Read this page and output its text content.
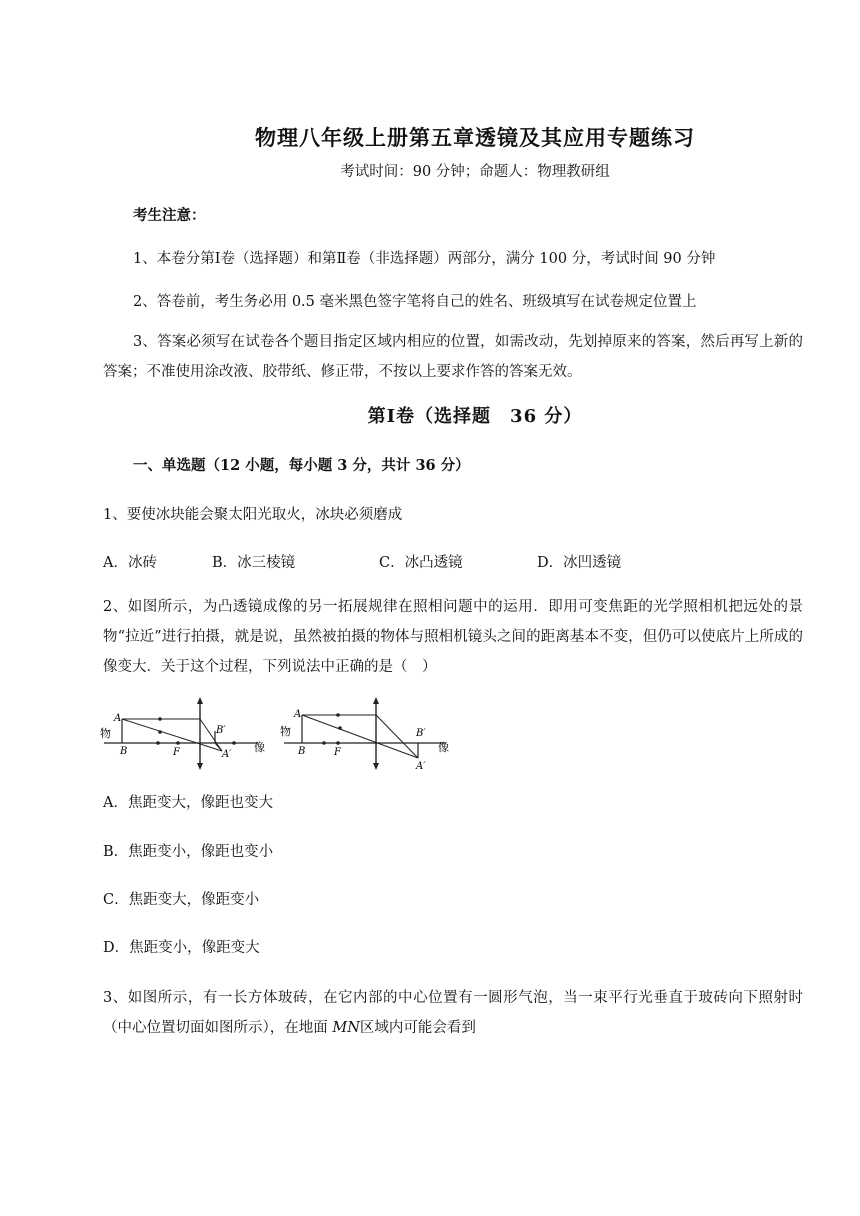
物理八年级上册第五章透镜及其应用专题练习
考试时间：90 分钟；命题人：物理教研组
考生注意：
1、本卷分第Ⅰ卷（选择题）和第Ⅱ卷（非选择题）两部分，满分 100 分，考试时间 90 分钟
2、答卷前，考生务必用 0.5 毫米黑色签字笔将自己的姓名、班级填写在试卷规定位置上
3、答案必须写在试卷各个题目指定区域内相应的位置，如需改动，先划掉原来的答案，然后再写上新的答案；不准使用涂改液、胶带纸、修正带，不按以上要求作答的答案无效。
第Ⅰ卷（选择题　36 分）
一、单选题（12 小题，每小题 3 分，共计 36 分）
1、要使冰块能会聚太阳光取火，冰块必须磨成
A．冰砖	B．冰三棱镜	C．冰凸透镜	D．冰凹透镜
2、如图所示，为凸透镜成像的另一拓展规律在照相问题中的运用．即用可变焦距的光学照相机把远处的景物“拉近”进行拍摄，就是说，虽然被拍摄的物体与照相机镜头之间的距离基本不变，但仍可以使底片上所成的像变大．关于这个过程，下列说法中正确的是（　）
物
A
B	F
B′
A′
像
物
A
B	F
B′
A′
像
A．焦距变大，像距也变大
B．焦距变小，像距也变小
C．焦距变大，像距变小
D．焦距变小，像距变大
3、如图所示，有一长方体玻砖，在它内部的中心位置有一圆形气泡，当一束平行光垂直于玻砖向下照射时（中心位置切面如图所示），在地面 MN区域内可能会看到
